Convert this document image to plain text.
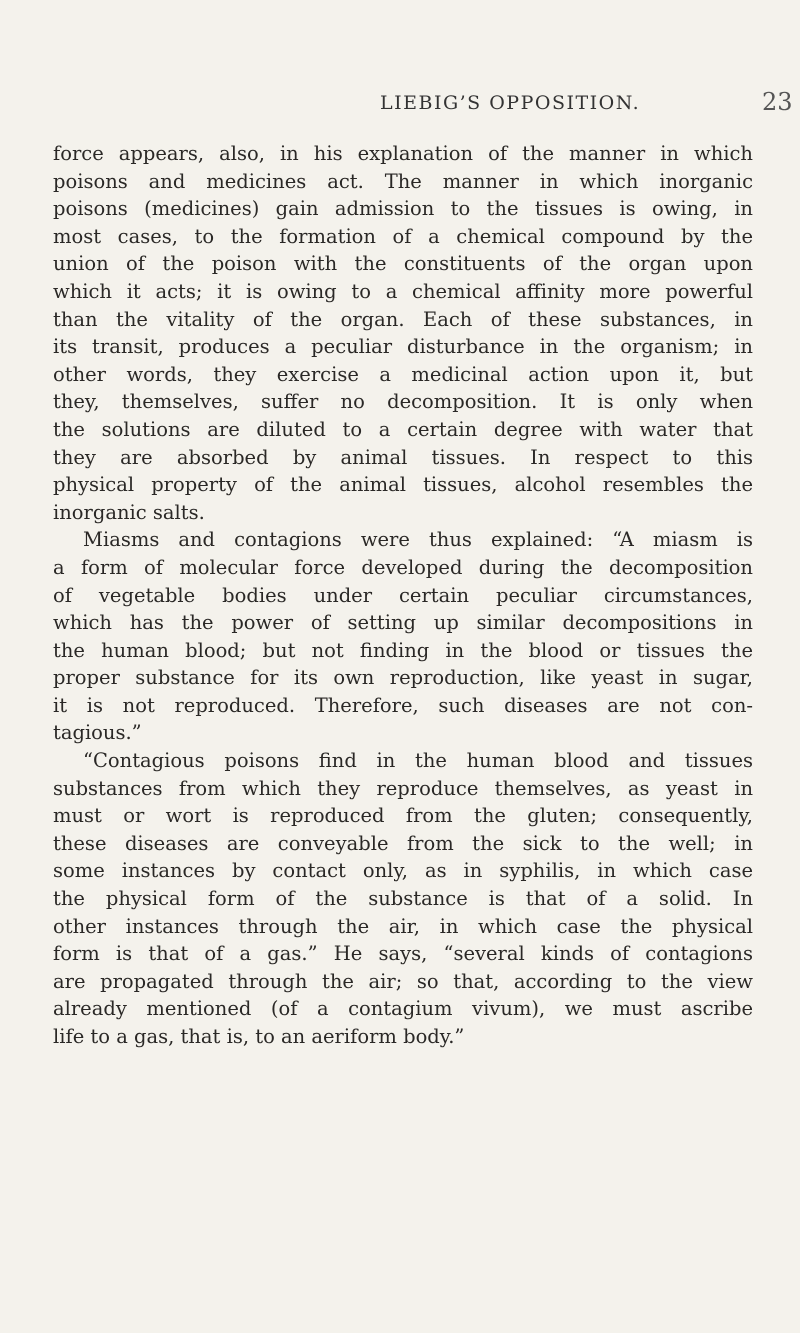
LIEBIG’S OPPOSITION.	23
force appears, also, in his explanation of the manner in which
poisons and medicines act. The manner in which inorganic
poisons (medicines) gain admission to the tissues is owing, in
most cases, to the formation of a chemical compound by the
union of the poison with the constituents of the organ upon
which it acts; it is owing to a chemical affinity more powerful
than the vitality of the organ. Each of these substances, in
its transit, produces a peculiar disturbance in the organism; in
other words, they exercise a medicinal action upon it, but
they, themselves, suffer no decomposition. It is only when
the solutions are diluted to a certain degree with water that
they are absorbed by animal tissues. In respect to this
physical property of the animal tissues, alcohol resembles the
inorganic salts.
Miasms and contagions were thus explained: “A miasm is
a form of molecular force developed during the decomposition
of vegetable bodies under certain peculiar circumstances,
which has the power of setting up similar decompositions in
the human blood; but not finding in the blood or tissues the
proper substance for its own reproduction, like yeast in sugar,
it is not reproduced. Therefore, such diseases are not con-
tagious.”
“Contagious poisons find in the human blood and tissues
substances from which they reproduce themselves, as yeast in
must or wort is reproduced from the gluten; consequently,
these diseases are conveyable from the sick to the well; in
some instances by contact only, as in syphilis, in which case
the physical form of the substance is that of a solid. In
other instances through the air, in which case the physical
form is that of a gas.” He says, “several kinds of contagions
are propagated through the air; so that, according to the view
already mentioned (of a contagium vivum), we must ascribe
life to a gas, that is, to an aeriform body.”
